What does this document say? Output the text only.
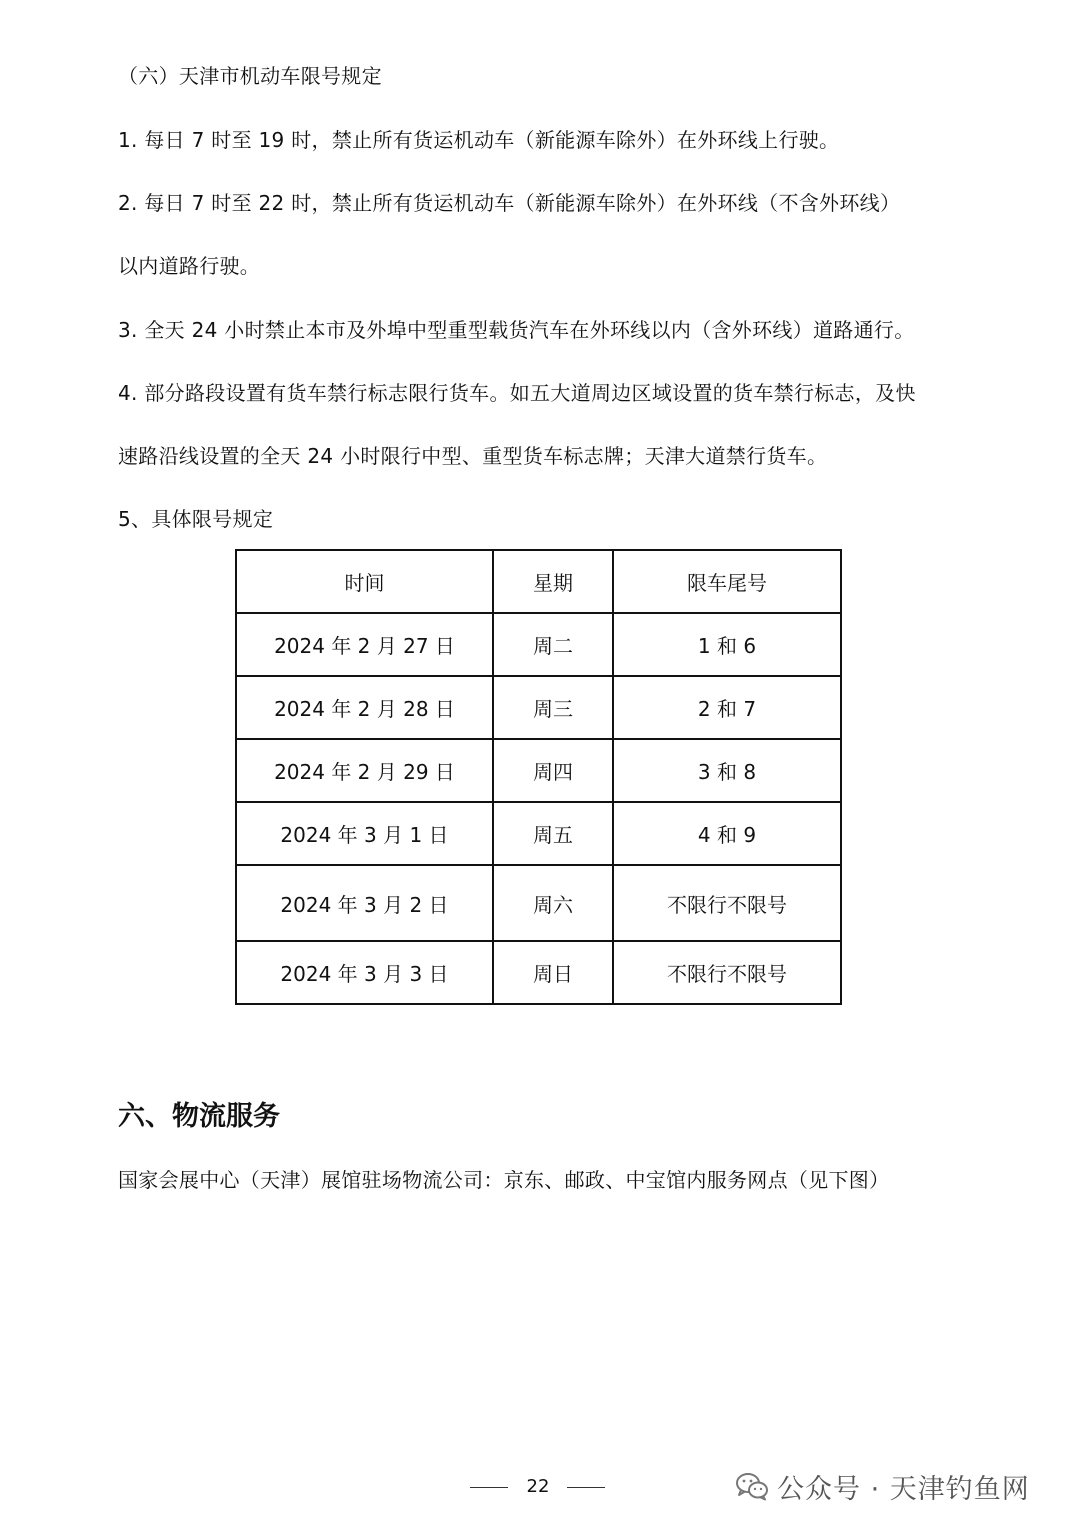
（六）天津市机动车限号规定
1. 每日 7 时至 19 时，禁止所有货运机动车（新能源车除外）在外环线上行驶。
2. 每日 7 时至 22 时，禁止所有货运机动车（新能源车除外）在外环线（不含外环线）
以内道路行驶。
3. 全天 24 小时禁止本市及外埠中型重型载货汽车在外环线以内（含外环线）道路通行。
4. 部分路段设置有货车禁行标志限行货车。如五大道周边区域设置的货车禁行标志，及快
速路沿线设置的全天 24 小时限行中型、重型货车标志牌；天津大道禁行货车。
5、具体限号规定
时间	星期	限车尾号
2024 年 2 月 27 日	周二	1 和 6
2024 年 2 月 28 日	周三	2 和 7
2024 年 2 月 29 日	周四	3 和 8
2024 年 3 月 1 日	周五	4 和 9
2024 年 3 月 2 日	周六	不限行不限号
2024 年 3 月 3 日	周日	不限行不限号
六、物流服务
国家会展中心（天津）展馆驻场物流公司：京东、邮政、中宝馆内服务网点（见下图）
22	公众号 · 天津钓鱼网
